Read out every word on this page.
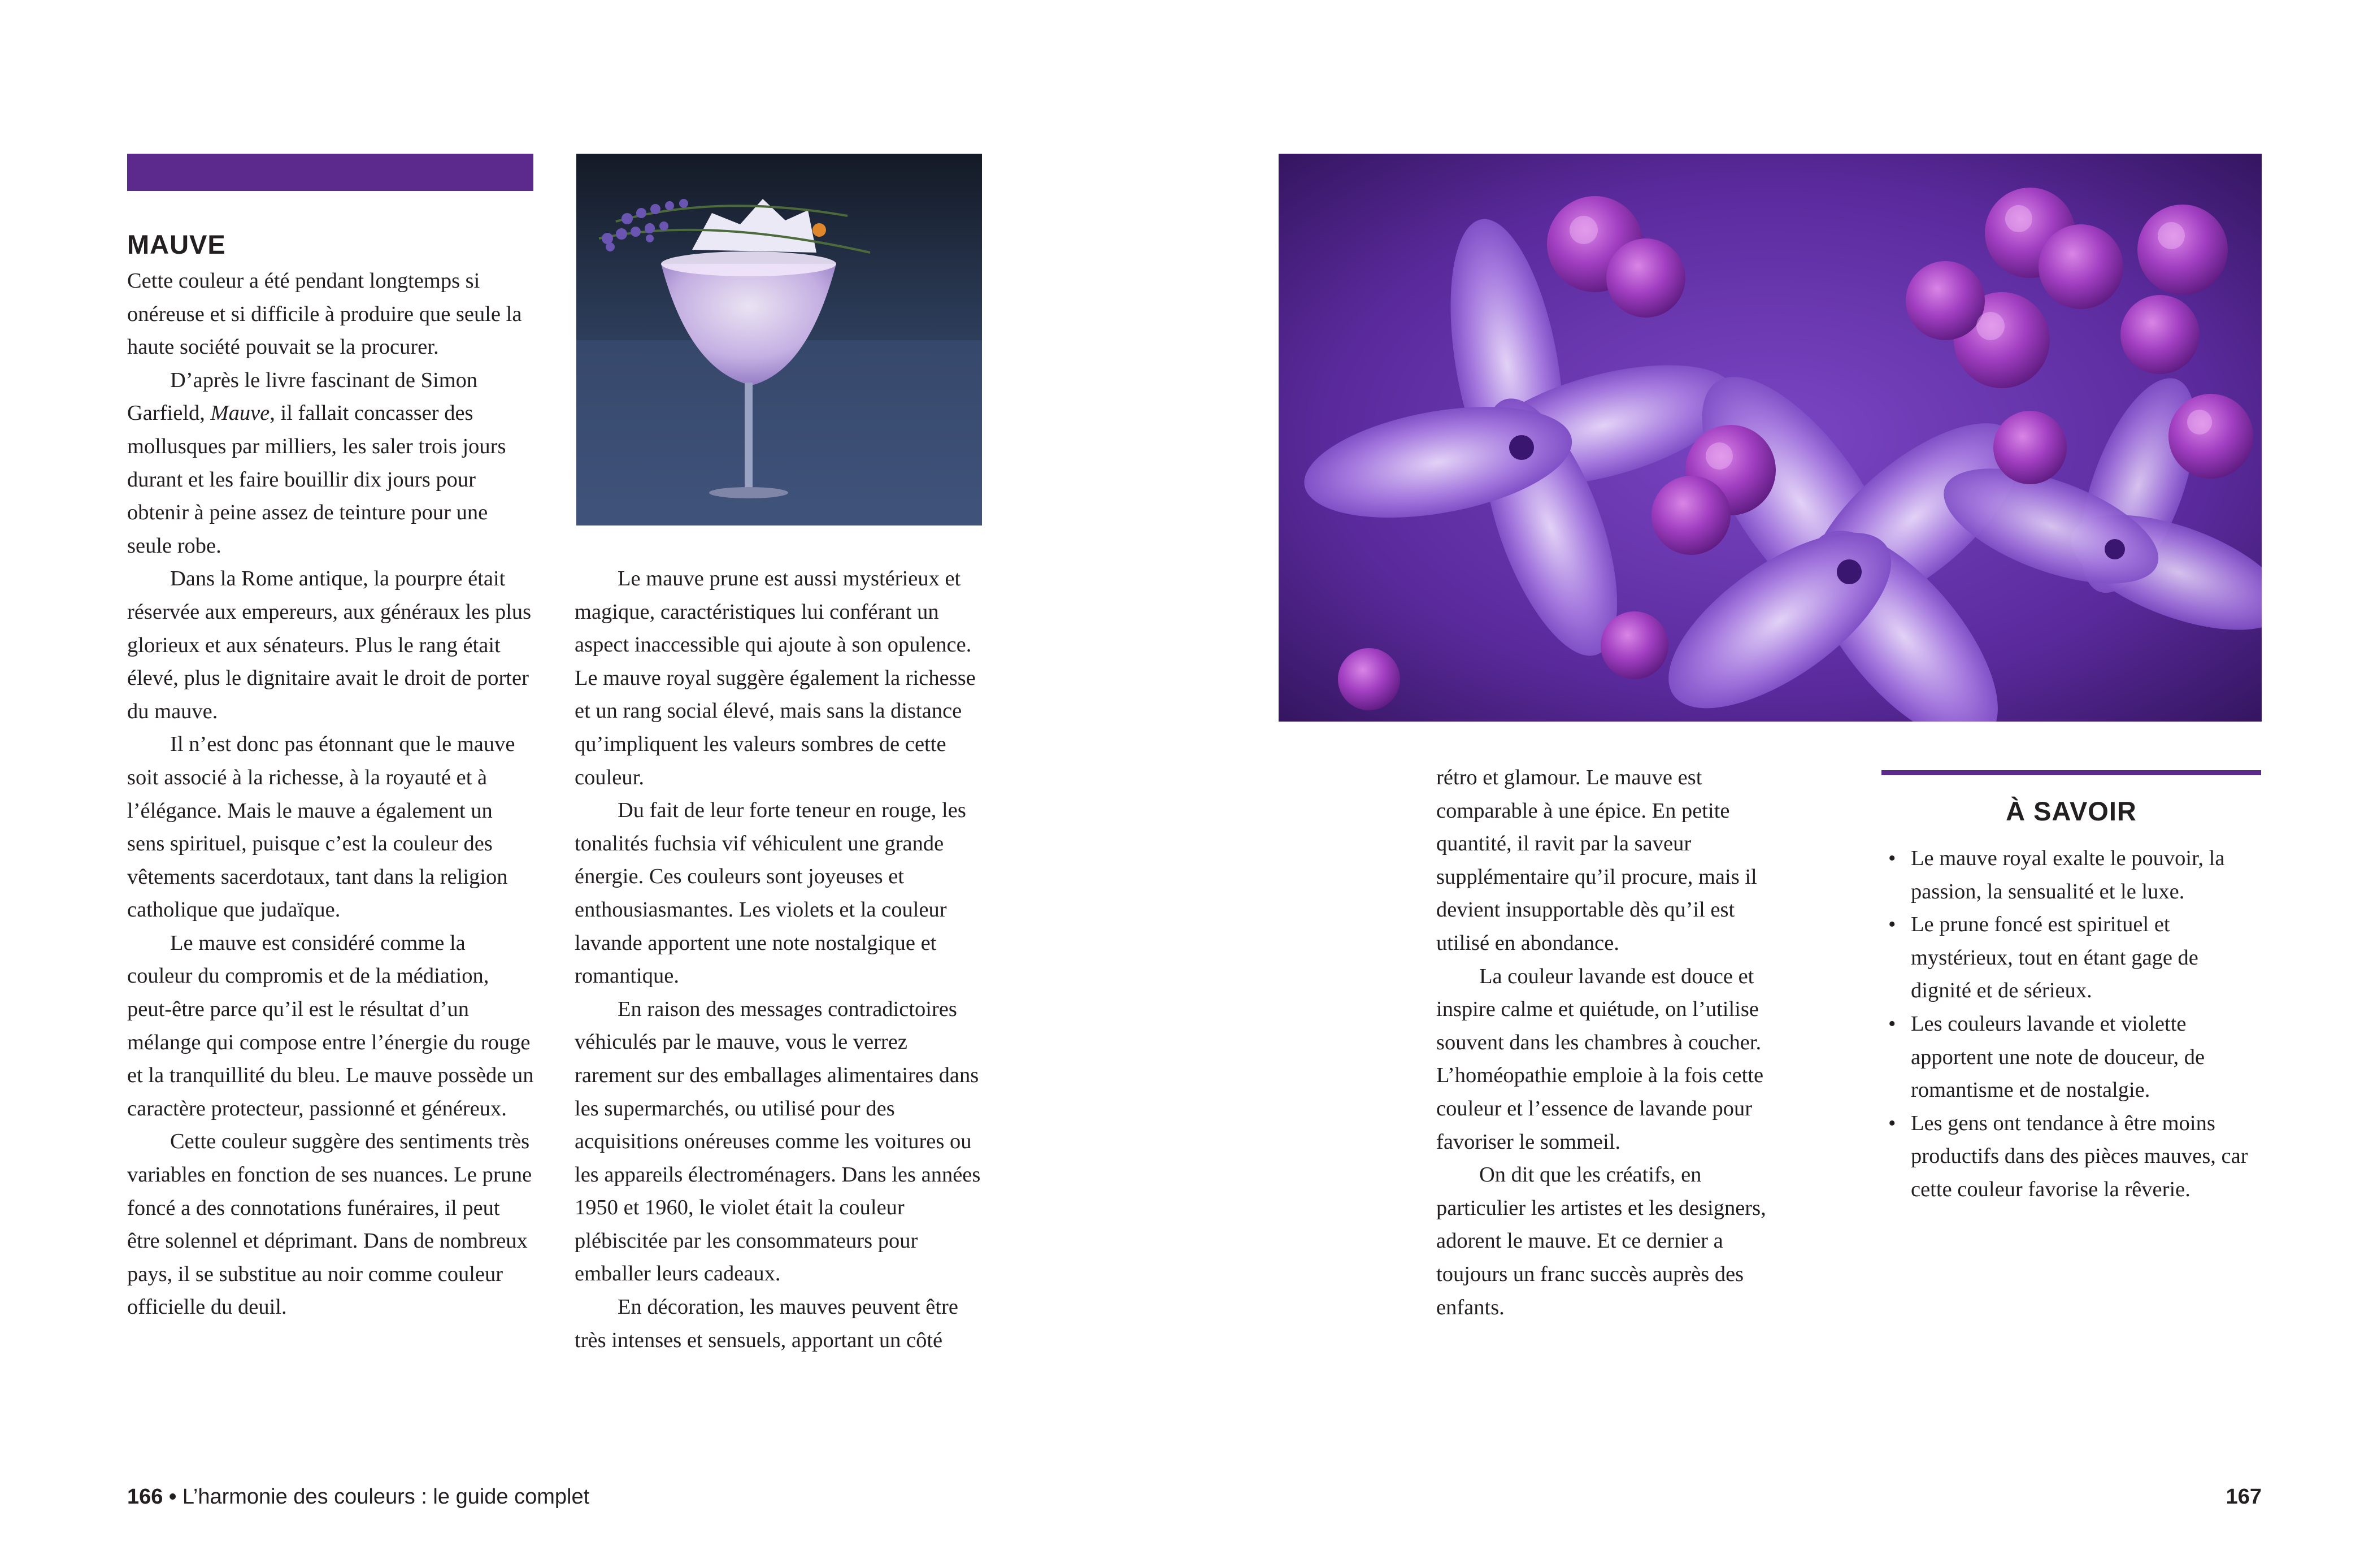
MAUVE

Cette couleur a été pendant longtemps si onéreuse et si difficile à produire que seule la haute société pouvait se la procurer.

D’après le livre fascinant de Simon Garfield, Mauve, il fallait concasser des mollusques par milliers, les saler trois jours durant et les faire bouillir dix jours pour obtenir à peine assez de teinture pour une seule robe.

Dans la Rome antique, la pourpre était réservée aux empereurs, aux généraux les plus glorieux et aux sénateurs. Plus le rang était élevé, plus le dignitaire avait le droit de porter du mauve.

Il n’est donc pas étonnant que le mauve soit associé à la richesse, à la royauté et à l’élégance. Mais le mauve a également un sens spirituel, puisque c’est la couleur des vêtements sacerdotaux, tant dans la religion catholique que judaïque.

Le mauve est considéré comme la couleur du compromis et de la médiation, peut-être parce qu’il est le résultat d’un mélange qui compose entre l’énergie du rouge et la tranquillité du bleu. Le mauve possède un caractère protecteur, passionné et généreux.

Cette couleur suggère des sentiments très variables en fonction de ses nuances. Le prune foncé a des connotations funéraires, il peut être solennel et déprimant. Dans de nombreux pays, il se substitue au noir comme couleur officielle du deuil.

Le mauve prune est aussi mystérieux et magique, caractéristiques lui conférant un aspect inaccessible qui ajoute à son opulence. Le mauve royal suggère également la richesse et un rang social élevé, mais sans la distance qu’impliquent les valeurs sombres de cette couleur.

Du fait de leur forte teneur en rouge, les tonalités fuchsia vif véhiculent une grande énergie. Ces couleurs sont joyeuses et enthousiasmantes. Les violets et la couleur lavande apportent une note nostalgique et romantique.

En raison des messages contradictoires véhiculés par le mauve, vous le verrez rarement sur des emballages alimentaires dans les supermarchés, ou utilisé pour des acquisitions onéreuses comme les voitures ou les appareils électroménagers. Dans les années 1950 et 1960, le violet était la couleur plébiscitée par les consommateurs pour emballer leurs cadeaux.

En décoration, les mauves peuvent être très intenses et sensuels, apportant un côté

166 • L’harmonie des couleurs : le guide complet

rétro et glamour. Le mauve est comparable à une épice. En petite quantité, il ravit par la saveur supplémentaire qu’il procure, mais il devient insupportable dès qu’il est utilisé en abondance.

La couleur lavande est douce et inspire calme et quiétude, on l’utilise souvent dans les chambres à coucher. L’homéopathie emploie à la fois cette couleur et l’essence de lavande pour favoriser le sommeil.

On dit que les créatifs, en particulier les artistes et les designers, adorent le mauve. Et ce dernier a toujours un franc succès auprès des enfants.

À SAVOIR
• Le mauve royal exalte le pouvoir, la passion, la sensualité et le luxe.
• Le prune foncé est spirituel et mystérieux, tout en étant gage de dignité et de sérieux.
• Les couleurs lavande et violette apportent une note de douceur, de romantisme et de nostalgie.
• Les gens ont tendance à être moins productifs dans des pièces mauves, car cette couleur favorise la rêverie.
167
